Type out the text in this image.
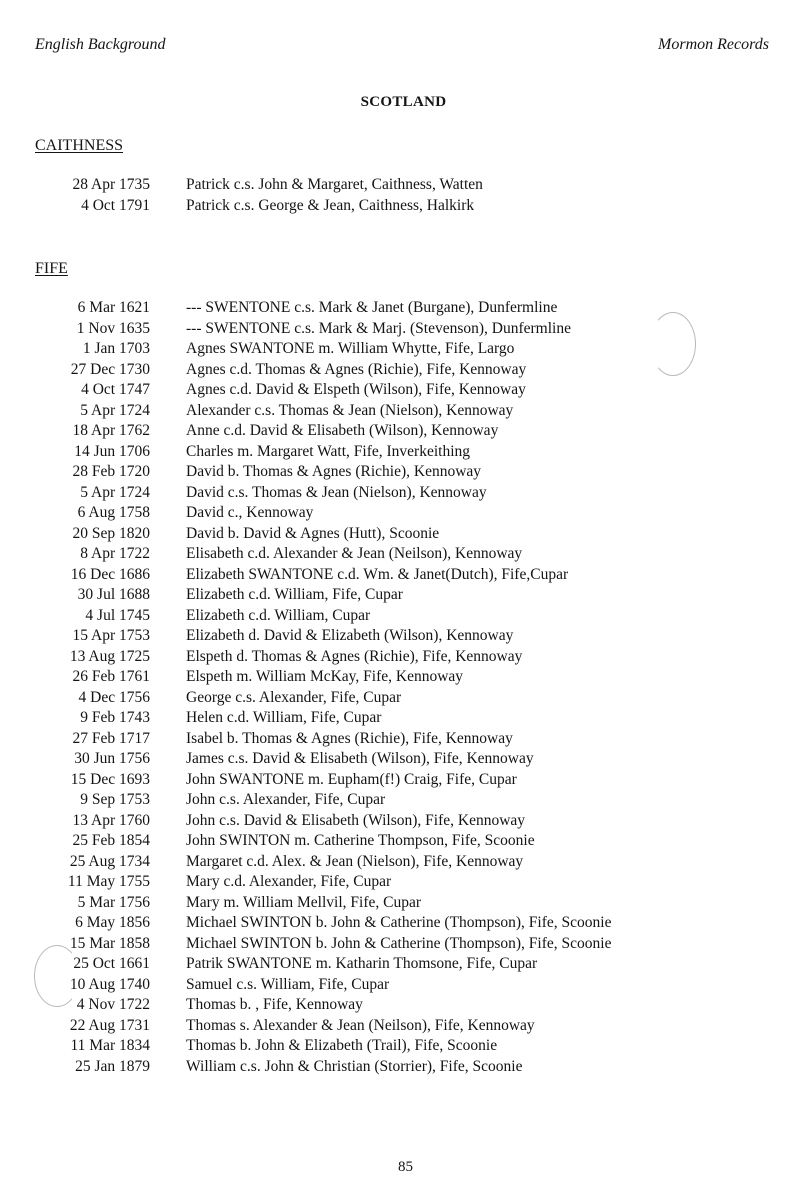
English Background	Mormon Records
SCOTLAND
CAITHNESS
28 Apr 1735	Patrick c.s. John & Margaret, Caithness, Watten
4 Oct 1791	Patrick c.s. George & Jean, Caithness, Halkirk
FIFE
6 Mar 1621	--- SWENTONE c.s. Mark & Janet (Burgane), Dunfermline
1 Nov 1635	--- SWENTONE c.s. Mark & Marj. (Stevenson), Dunfermline
1 Jan 1703	Agnes SWANTONE m. William Whytte, Fife, Largo
27 Dec 1730	Agnes c.d. Thomas & Agnes (Richie), Fife, Kennoway
4 Oct 1747	Agnes c.d. David & Elspeth (Wilson), Fife, Kennoway
5 Apr 1724	Alexander c.s. Thomas & Jean (Nielson), Kennoway
18 Apr 1762	Anne c.d. David & Elisabeth (Wilson), Kennoway
14 Jun 1706	Charles m. Margaret Watt, Fife, Inverkeithing
28 Feb 1720	David b. Thomas & Agnes (Richie), Kennoway
5 Apr 1724	David c.s. Thomas & Jean (Nielson), Kennoway
6 Aug 1758	David c., Kennoway
20 Sep 1820	David b. David & Agnes (Hutt), Scoonie
8 Apr 1722	Elisabeth c.d. Alexander & Jean (Neilson), Kennoway
16 Dec 1686	Elizabeth SWANTONE c.d. Wm. & Janet(Dutch), Fife,Cupar
30 Jul 1688	Elizabeth c.d. William, Fife, Cupar
4 Jul 1745	Elizabeth c.d. William, Cupar
15 Apr 1753	Elizabeth d. David & Elizabeth (Wilson), Kennoway
13 Aug 1725	Elspeth d. Thomas & Agnes (Richie), Fife, Kennoway
26 Feb 1761	Elspeth m. William McKay, Fife, Kennoway
4 Dec 1756	George c.s. Alexander, Fife, Cupar
9 Feb 1743	Helen c.d. William, Fife, Cupar
27 Feb 1717	Isabel b. Thomas & Agnes (Richie), Fife, Kennoway
30 Jun 1756	James c.s. David & Elisabeth (Wilson), Fife, Kennoway
15 Dec 1693	John SWANTONE m. Eupham(f!) Craig, Fife, Cupar
9 Sep 1753	John c.s. Alexander, Fife, Cupar
13 Apr 1760	John c.s. David & Elisabeth (Wilson), Fife, Kennoway
25 Feb 1854	John SWINTON m. Catherine Thompson, Fife, Scoonie
25 Aug 1734	Margaret c.d. Alex. & Jean (Nielson), Fife, Kennoway
11 May 1755	Mary c.d. Alexander, Fife, Cupar
5 Mar 1756	Mary m. William Mellvil, Fife, Cupar
6 May 1856	Michael SWINTON b. John & Catherine (Thompson), Fife, Scoonie
15 Mar 1858	Michael SWINTON b. John & Catherine (Thompson), Fife, Scoonie
25 Oct 1661	Patrik SWANTONE m. Katharin Thomsone, Fife, Cupar
10 Aug 1740	Samuel c.s. William, Fife, Cupar
4 Nov 1722	Thomas b. , Fife, Kennoway
22 Aug 1731	Thomas s. Alexander & Jean (Neilson), Fife, Kennoway
11 Mar 1834	Thomas b. John & Elizabeth (Trail), Fife, Scoonie
25 Jan 1879	William c.s. John & Christian (Storrier), Fife, Scoonie
85
